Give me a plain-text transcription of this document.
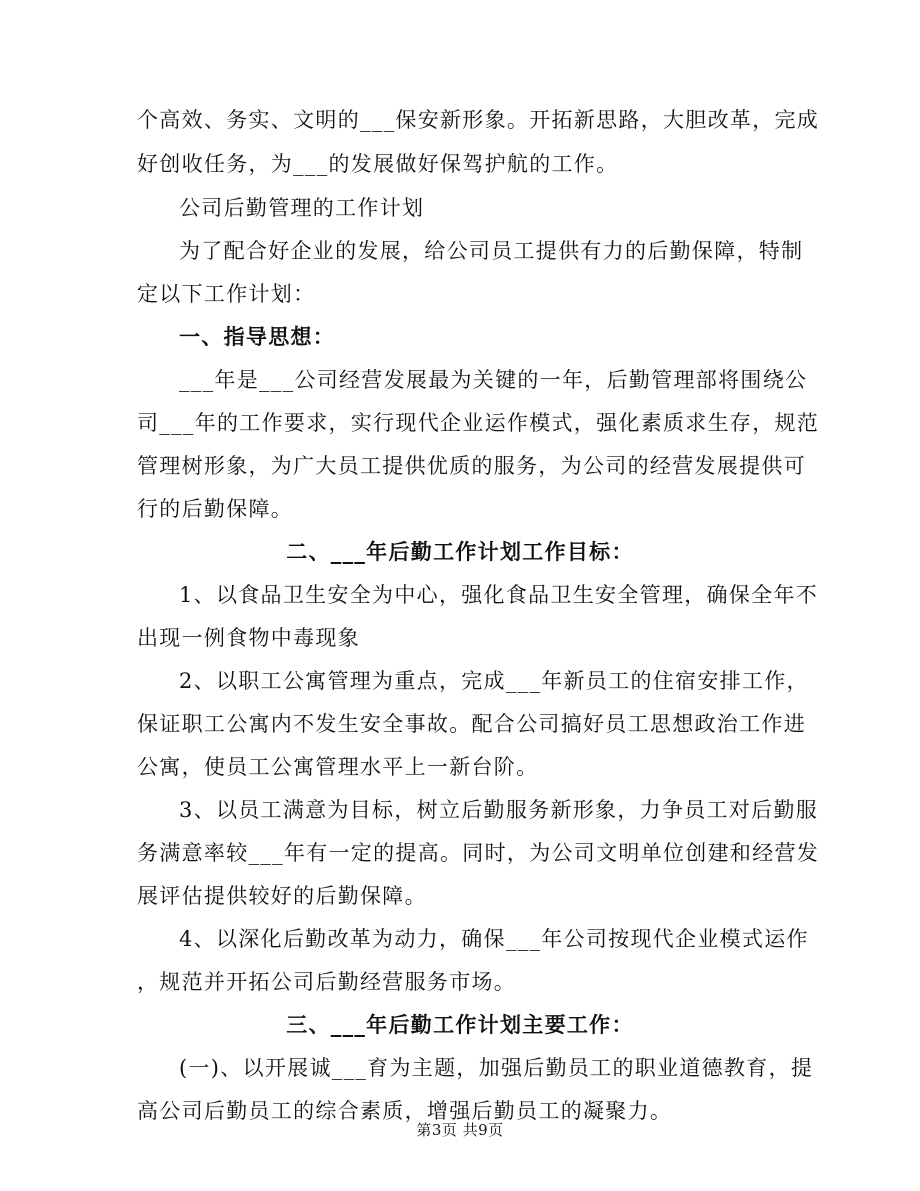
个高效、务实、文明的___保安新形象。开拓新思路，大胆改革，完成
好创收任务，为___的发展做好保驾护航的工作。
公司后勤管理的工作计划
为了配合好企业的发展，给公司员工提供有力的后勤保障，特制
定以下工作计划：
一、指导思想：
___年是___公司经营发展最为关键的一年，后勤管理部将围绕公
司___年的工作要求，实行现代企业运作模式，强化素质求生存，规范
管理树形象，为广大员工提供优质的服务，为公司的经营发展提供可
行的后勤保障。
二、___年后勤工作计划工作目标：
1、以食品卫生安全为中心，强化食品卫生安全管理，确保全年不
出现一例食物中毒现象
2、以职工公寓管理为重点，完成___年新员工的住宿安排工作，
保证职工公寓内不发生安全事故。配合公司搞好员工思想政治工作进
公寓，使员工公寓管理水平上一新台阶。
3、以员工满意为目标，树立后勤服务新形象，力争员工对后勤服
务满意率较___年有一定的提高。同时，为公司文明单位创建和经营发
展评估提供较好的后勤保障。
4、以深化后勤改革为动力，确保___年公司按现代企业模式运作
，规范并开拓公司后勤经营服务市场。
三、___年后勤工作计划主要工作：
(一)、以开展诚___育为主题，加强后勤员工的职业道德教育，提
高公司后勤员工的综合素质，增强后勤员工的凝聚力。
第3页 共9页
